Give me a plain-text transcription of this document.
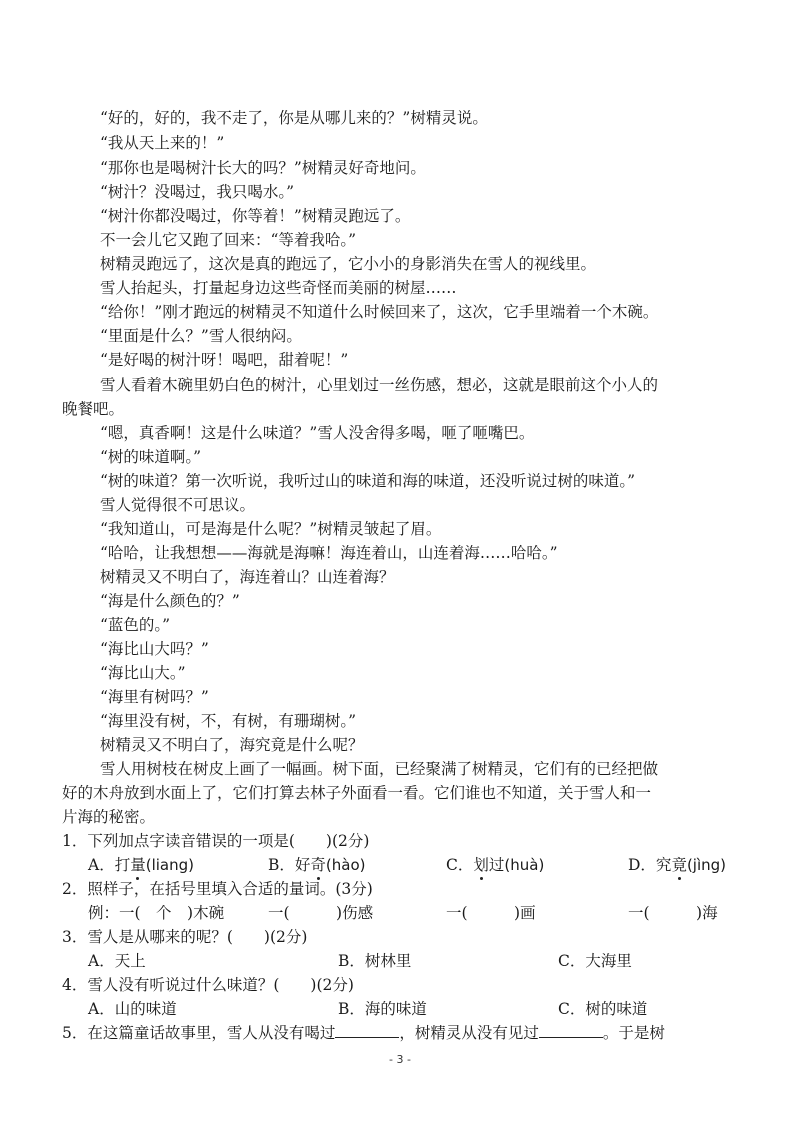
“好的，好的，我不走了，你是从哪儿来的？”树精灵说。
“我从天上来的！”
“那你也是喝树汁长大的吗？”树精灵好奇地问。
“树汁？没喝过，我只喝水。”
“树汁你都没喝过，你等着！”树精灵跑远了。
不一会儿它又跑了回来：“等着我哈。”
树精灵跑远了，这次是真的跑远了，它小小的身影消失在雪人的视线里。
雪人抬起头，打量起身边这些奇怪而美丽的树屋……
“给你！”刚才跑远的树精灵不知道什么时候回来了，这次，它手里端着一个木碗。
“里面是什么？”雪人很纳闷。
“是好喝的树汁呀！喝吧，甜着呢！”
雪人看着木碗里奶白色的树汁，心里划过一丝伤感，想必，这就是眼前这个小人的
晚餐吧。
“嗯，真香啊！这是什么味道？”雪人没舍得多喝，咂了咂嘴巴。
“树的味道啊。”
“树的味道？第一次听说，我听过山的味道和海的味道，还没听说过树的味道。”
雪人觉得很不可思议。
“我知道山，可是海是什么呢？”树精灵皱起了眉。
“哈哈，让我想想——海就是海嘛！海连着山，山连着海……哈哈。”
树精灵又不明白了，海连着山？山连着海？
“海是什么颜色的？”
“蓝色的。”
“海比山大吗？”
“海比山大。”
“海里有树吗？”
“海里没有树，不，有树，有珊瑚树。”
树精灵又不明白了，海究竟是什么呢？
雪人用树枝在树皮上画了一幅画。树下面，已经聚满了树精灵，它们有的已经把做
好的木舟放到水面上了，它们打算去林子外面看一看。它们谁也不知道，关于雪人和一
片海的秘密。
1．下列加点字读音错误的一项是(　　)(2分)
A．打量(liang)	B．好奇(hào)	C．划过(huà)	D．究竟(jìng)
2．照样子，在括号里填入合适的量词。(3分)
例：一(　个　)木碗	一(　　　)伤感	一(　　　)画	一(　　　)海
3．雪人是从哪来的呢？(　　)(2分)
A．天上	B．树林里	C．大海里
4．雪人没有听说过什么味道？(　　)(2分)
A．山的味道	B．海的味道	C．树的味道
5．在这篇童话故事里，雪人从没有喝过	，树精灵从没有见过	。于是树
- 3 -
